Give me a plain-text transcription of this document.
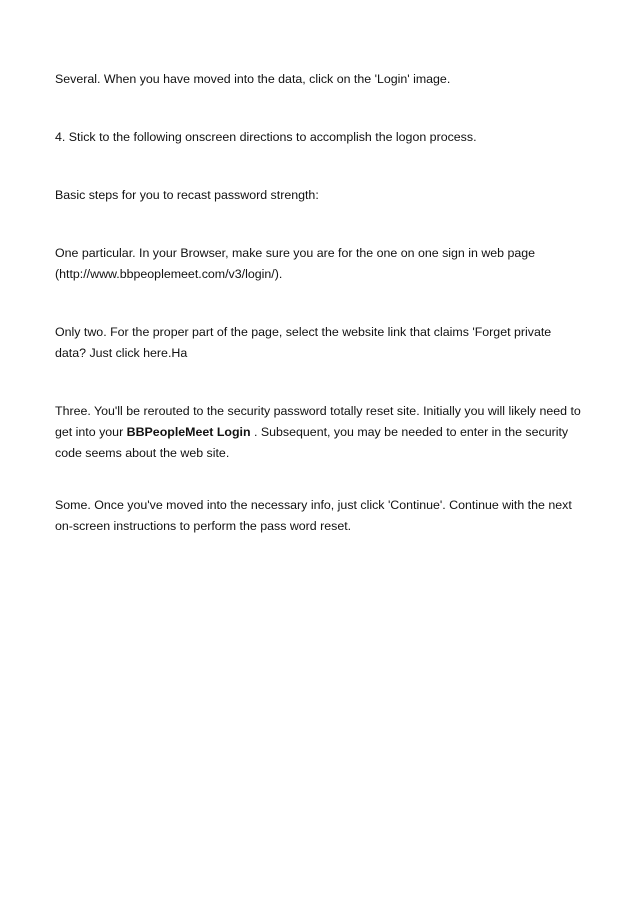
Several. When you have moved into the data, click on the 'Login' image.

4. Stick to the following onscreen directions to accomplish the logon process.

Basic steps for you to recast password strength:

One particular. In your Browser, make sure you are for the one on one sign in web page (http://www.bbpeoplemeet.com/v3/login/).

Only two. For the proper part of the page, select the website link that claims 'Forget private data? Just click here.Ha

Three. You'll be rerouted to the security password totally reset site. Initially you will likely need to get into your BBPeopleMeet Login . Subsequent, you may be needed to enter in the security code seems about the web site.

Some. Once you've moved into the necessary info, just click 'Continue'. Continue with the next on-screen instructions to perform the pass word reset.
